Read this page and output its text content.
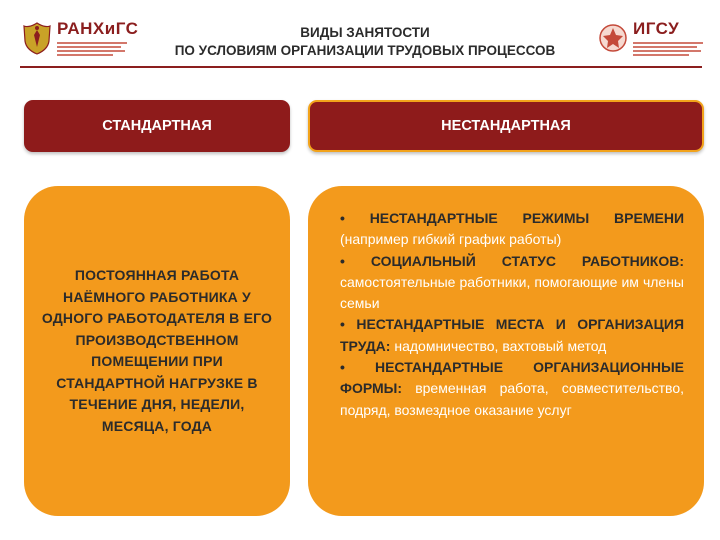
РАНХиГС	ВИДЫ ЗАНЯТОСТИ
ПО УСЛОВИЯМ ОРГАНИЗАЦИИ ТРУДОВЫХ ПРОЦЕССОВ
ИГСУ
СТАНДАРТНАЯ	НЕСТАНДАРТНАЯ
ПОСТОЯННАЯ РАБОТА НАЁМНОГО РАБОТНИКА У ОДНОГО РАБОТОДАТЕЛЯ В ЕГО ПРОИЗВОДСТВЕННОМ ПОМЕЩЕНИИ ПРИ СТАНДАРТНОЙ НАГРУЗКЕ В ТЕЧЕНИЕ ДНЯ, НЕДЕЛИ, МЕСЯЦА, ГОДА
• НЕСТАНДАРТНЫЕ РЕЖИМЫ ВРЕМЕНИ (например гибкий график работы)
• СОЦИАЛЬНЫЙ СТАТУС РАБОТНИКОВ: самостоятельные работники, помогающие им члены семьи
• НЕСТАНДАРТНЫЕ МЕСТА И ОРГАНИЗАЦИЯ ТРУДА: надомничество, вахтовый метод
• НЕСТАНДАРТНЫЕ ОРГАНИЗАЦИОННЫЕ ФОРМЫ: временная работа, совместительство, подряд, возмездное оказание услуг
